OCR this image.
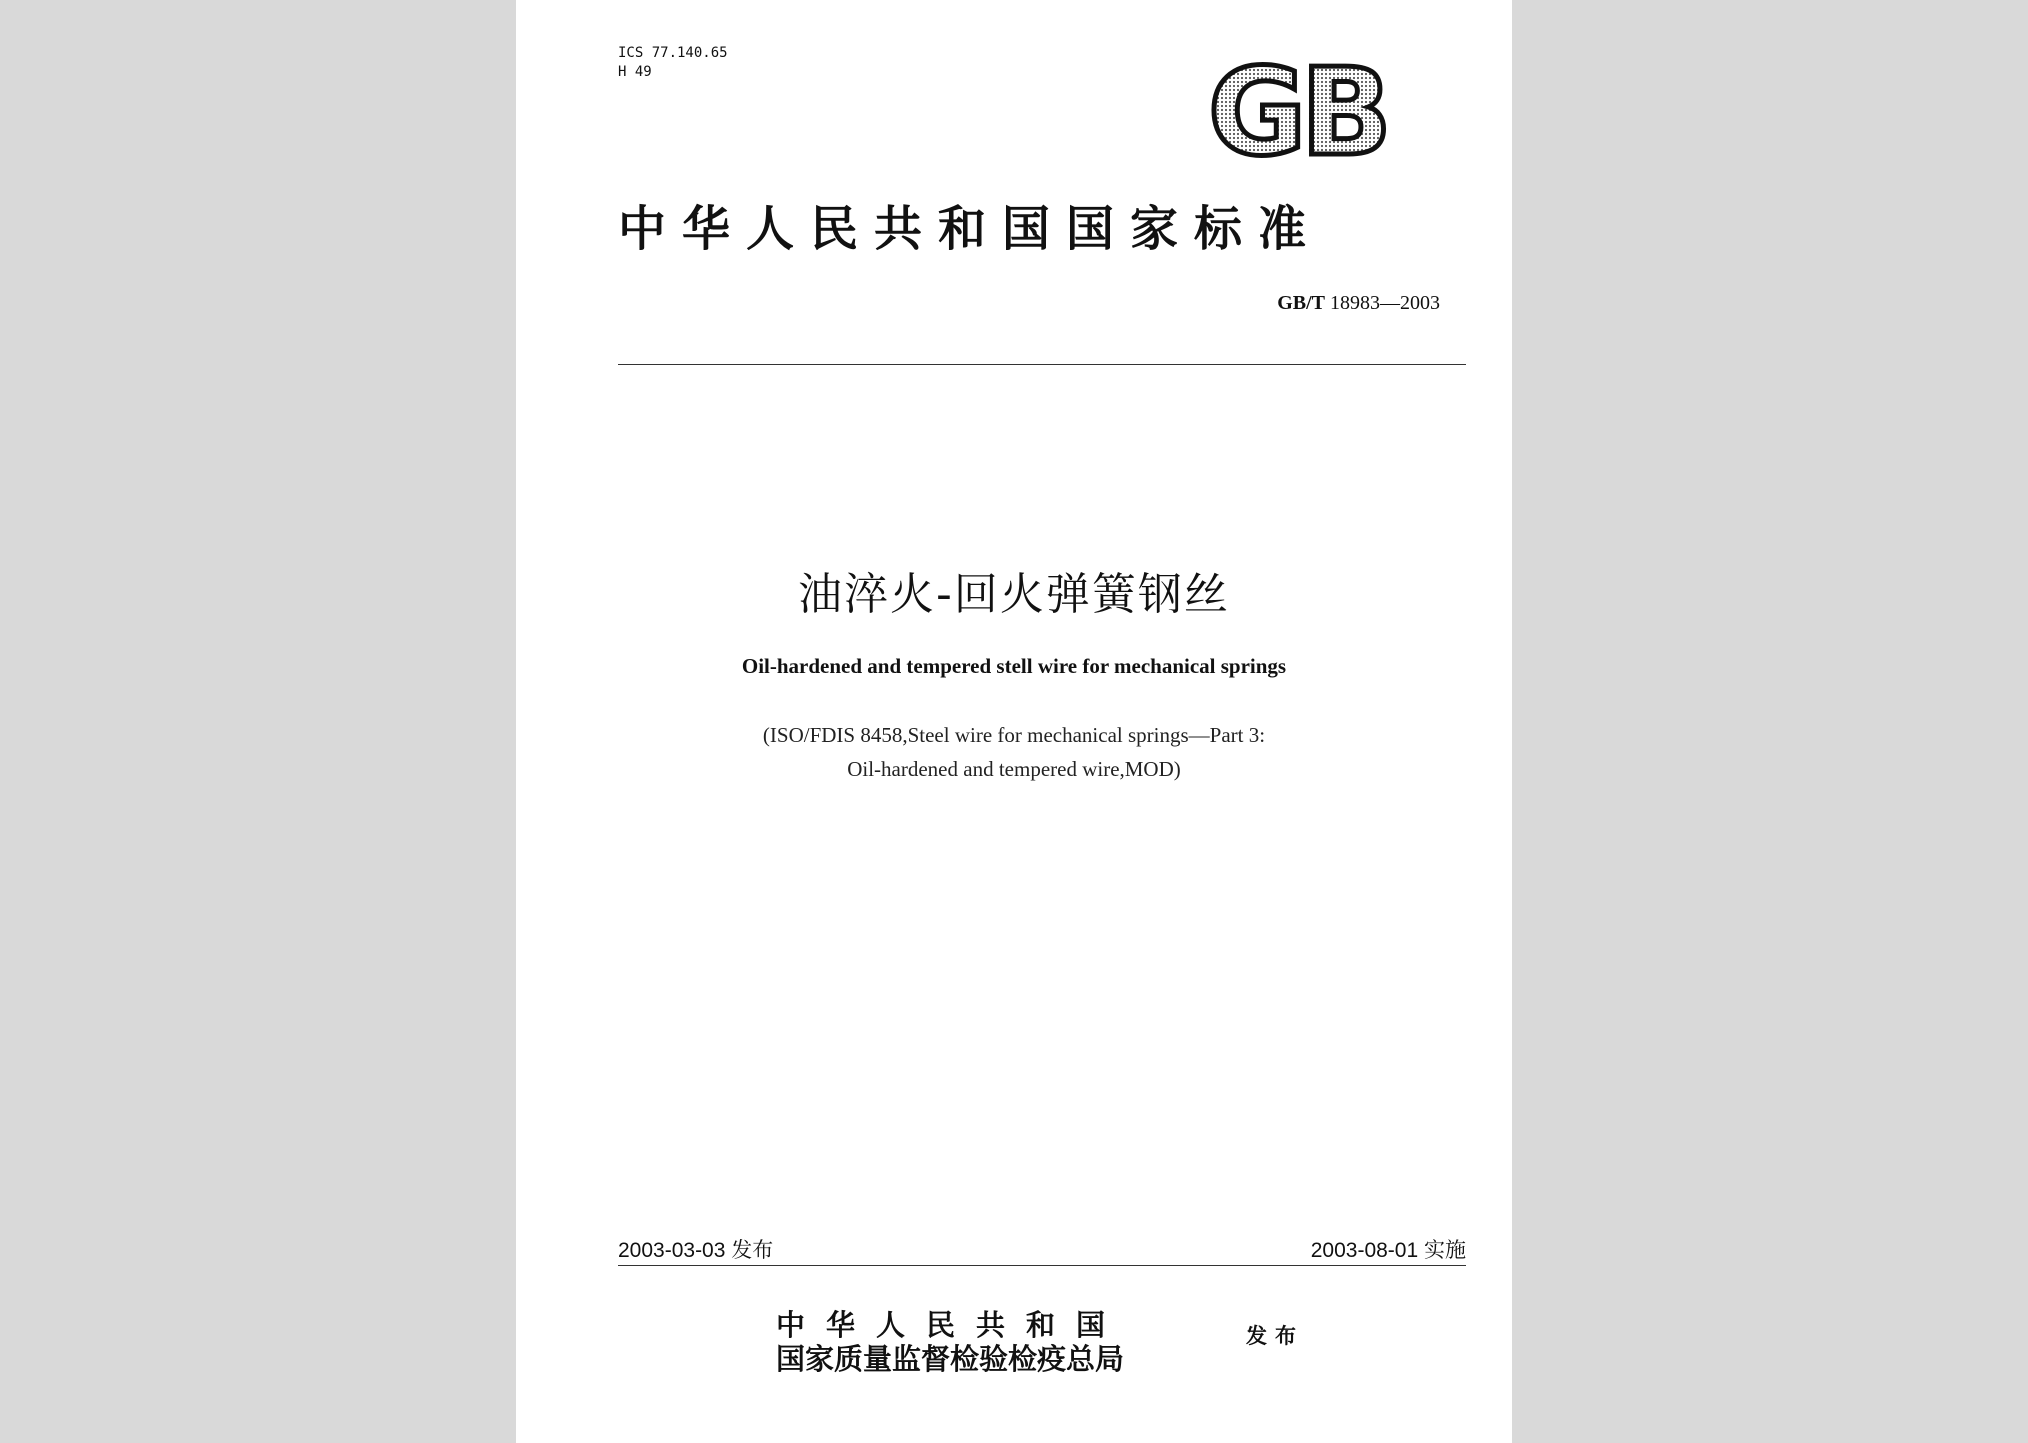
ICS 77.140.65
H 49	GB
中华人民共和国国家标准
GB/T 18983—2003
油淬火-回火弹簧钢丝
Oil-hardened and tempered stell wire for mechanical springs
(ISO/FDIS 8458,Steel wire for mechanical springs—Part 3:
Oil-hardened and tempered wire,MOD)
2003-03-03 发布	2003-08-01 实施
中华人民共和国
国家质量监督检验检疫总局
发布
